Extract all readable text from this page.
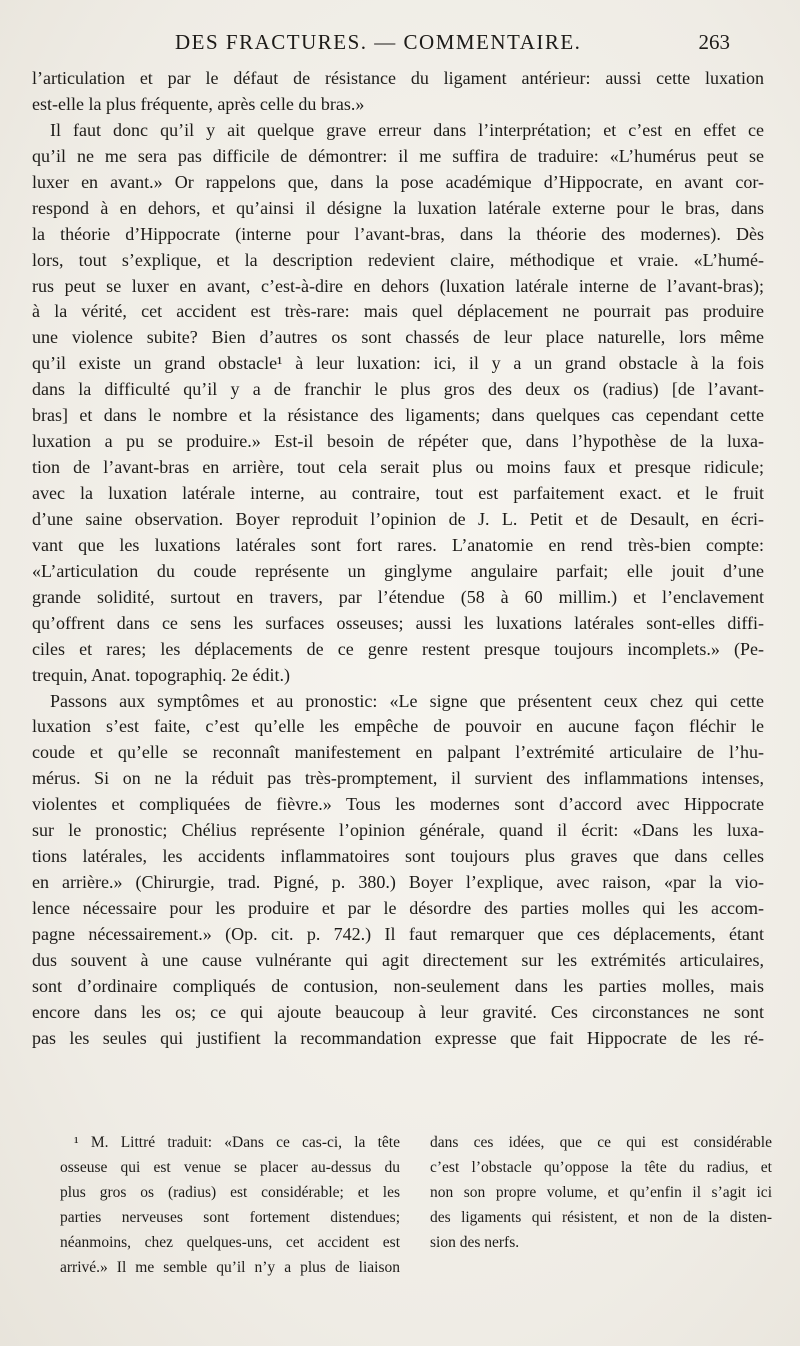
DES FRACTURES. — COMMENTAIRE.	263
l’articulation et par le défaut de résistance du ligament antérieur: aussi cette luxation
est-elle la plus fréquente, après celle du bras.»
Il faut donc qu’il y ait quelque grave erreur dans l’interprétation; et c’est en effet ce
qu’il ne me sera pas difficile de démontrer: il me suffira de traduire: «L’humérus peut se
luxer en avant.» Or rappelons que, dans la pose académique d’Hippocrate, en avant cor-
respond à en dehors, et qu’ainsi il désigne la luxation latérale externe pour le bras, dans
la théorie d’Hippocrate (interne pour l’avant-bras, dans la théorie des modernes). Dès
lors, tout s’explique, et la description redevient claire, méthodique et vraie. «L’humé-
rus peut se luxer en avant, c’est-à-dire en dehors (luxation latérale interne de l’avant-bras);
à la vérité, cet accident est très-rare: mais quel déplacement ne pourrait pas produire
une violence subite? Bien d’autres os sont chassés de leur place naturelle, lors même
qu’il existe un grand obstacle¹ à leur luxation: ici, il y a un grand obstacle à la fois
dans la difficulté qu’il y a de franchir le plus gros des deux os (radius) [de l’avant-
bras] et dans le nombre et la résistance des ligaments; dans quelques cas cependant cette
luxation a pu se produire.» Est-il besoin de répéter que, dans l’hypothèse de la luxa-
tion de l’avant-bras en arrière, tout cela serait plus ou moins faux et presque ridicule;
avec la luxation latérale interne, au contraire, tout est parfaitement exact. et le fruit
d’une saine observation. Boyer reproduit l’opinion de J. L. Petit et de Desault, en écri-
vant que les luxations latérales sont fort rares. L’anatomie en rend très-bien compte:
«L’articulation du coude représente un ginglyme angulaire parfait; elle jouit d’une
grande solidité, surtout en travers, par l’étendue (58 à 60 millim.) et l’enclavement
qu’offrent dans ce sens les surfaces osseuses; aussi les luxations latérales sont-elles diffi-
ciles et rares; les déplacements de ce genre restent presque toujours incomplets.» (Pe-
trequin, Anat. topographiq. 2e édit.)
Passons aux symptômes et au pronostic: «Le signe que présentent ceux chez qui cette
luxation s’est faite, c’est qu’elle les empêche de pouvoir en aucune façon fléchir le
coude et qu’elle se reconnaît manifestement en palpant l’extrémité articulaire de l’hu-
mérus. Si on ne la réduit pas très-promptement, il survient des inflammations intenses,
violentes et compliquées de fièvre.» Tous les modernes sont d’accord avec Hippocrate
sur le pronostic; Chélius représente l’opinion générale, quand il écrit: «Dans les luxa-
tions latérales, les accidents inflammatoires sont toujours plus graves que dans celles
en arrière.» (Chirurgie, trad. Pigné, p. 380.) Boyer l’explique, avec raison, «par la vio-
lence nécessaire pour les produire et par le désordre des parties molles qui les accom-
pagne nécessairement.» (Op. cit. p. 742.) Il faut remarquer que ces déplacements, étant
dus souvent à une cause vulnérante qui agit directement sur les extrémités articulaires,
sont d’ordinaire compliqués de contusion, non-seulement dans les parties molles, mais
encore dans les os; ce qui ajoute beaucoup à leur gravité. Ces circonstances ne sont
pas les seules qui justifient la recommandation expresse que fait Hippocrate de les ré-
¹ M. Littré traduit: «Dans ce cas-ci, la tête
osseuse qui est venue se placer au-dessus du
plus gros os (radius) est considérable; et les
parties nerveuses sont fortement distendues;
néanmoins, chez quelques-uns, cet accident est
arrivé.» Il me semble qu’il n’y a plus de liaison
dans ces idées, que ce qui est considérable
c’est l’obstacle qu’oppose la tête du radius, et
non son propre volume, et qu’enfin il s’agit ici
des ligaments qui résistent, et non de la disten-
sion des nerfs.
